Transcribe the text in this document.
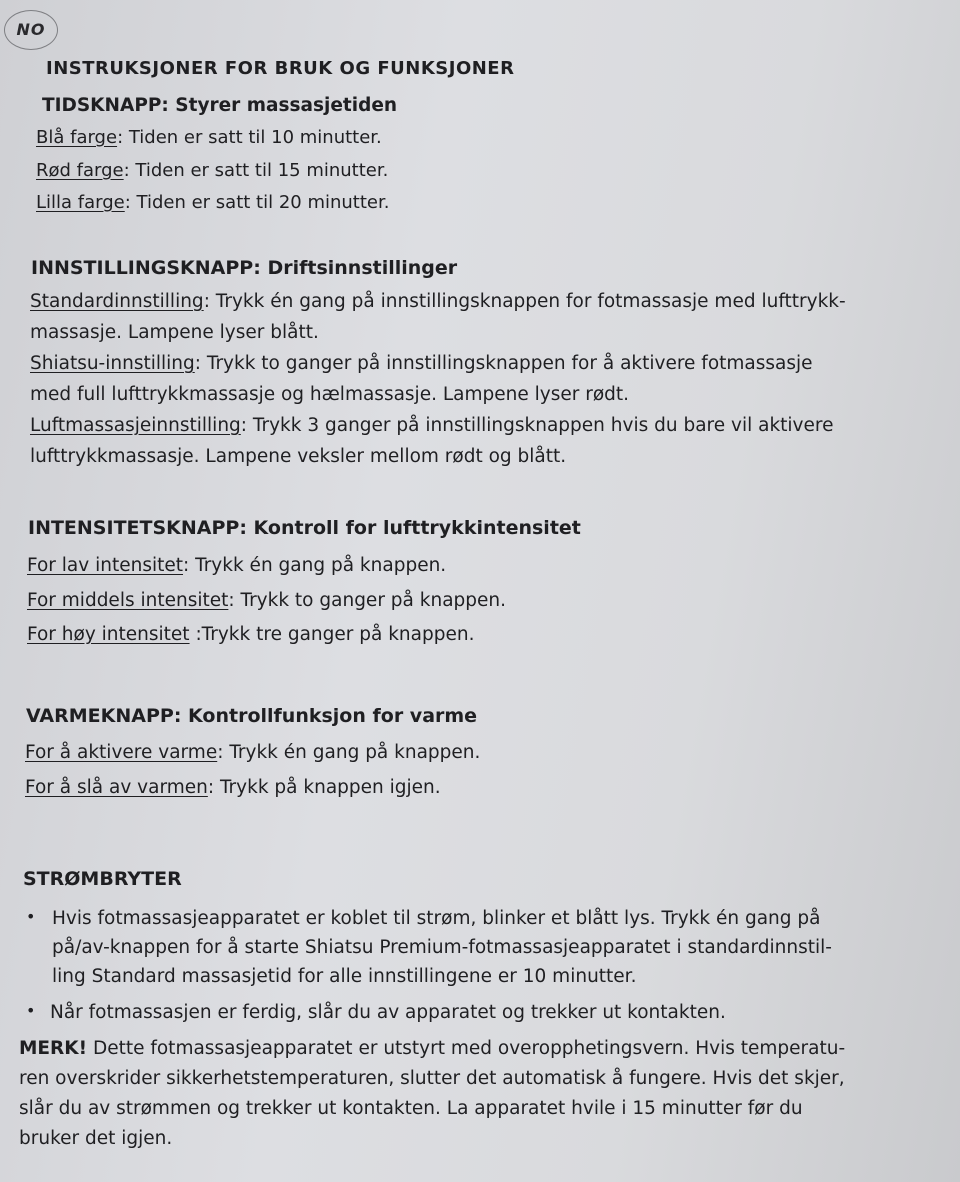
NO
INSTRUKSJONER FOR BRUK OG FUNKSJONER
TIDSKNAPP: Styrer massasjetiden
Blå farge: Tiden er satt til 10 minutter.
Rød farge: Tiden er satt til 15 minutter.
Lilla farge: Tiden er satt til 20 minutter.
INNSTILLINGSKNAPP: Driftsinnstillinger
Standardinnstilling: Trykk én gang på innstillingsknappen for fotmassasje med lufttrykk-
massasje. Lampene lyser blått.
Shiatsu-innstilling: Trykk to ganger på innstillingsknappen for å aktivere fotmassasje
med full lufttrykkmassasje og hælmassasje. Lampene lyser rødt.
Luftmassasjeinnstilling: Trykk 3 ganger på innstillingsknappen hvis du bare vil aktivere
lufttrykkmassasje. Lampene veksler mellom rødt og blått.
INTENSITETSKNAPP: Kontroll for lufttrykkintensitet
For lav intensitet: Trykk én gang på knappen.
For middels intensitet: Trykk to ganger på knappen.
For høy intensitet :Trykk tre ganger på knappen.
VARMEKNAPP: Kontrollfunksjon for varme
For å aktivere varme: Trykk én gang på knappen.
For å slå av varmen: Trykk på knappen igjen.
STRØMBRYTER
• Hvis fotmassasjeapparatet er koblet til strøm, blinker et blått lys. Trykk én gang på
på/av-knappen for å starte Shiatsu Premium-fotmassasjeapparatet i standardinnstil-
ling Standard massasjetid for alle innstillingene er 10 minutter.
• Når fotmassasjen er ferdig, slår du av apparatet og trekker ut kontakten.
MERK! Dette fotmassasjeapparatet er utstyrt med overopphetingsvern. Hvis temperatu-
ren overskrider sikkerhetstemperaturen, slutter det automatisk å fungere. Hvis det skjer,
slår du av strømmen og trekker ut kontakten. La apparatet hvile i 15 minutter før du
bruker det igjen.
